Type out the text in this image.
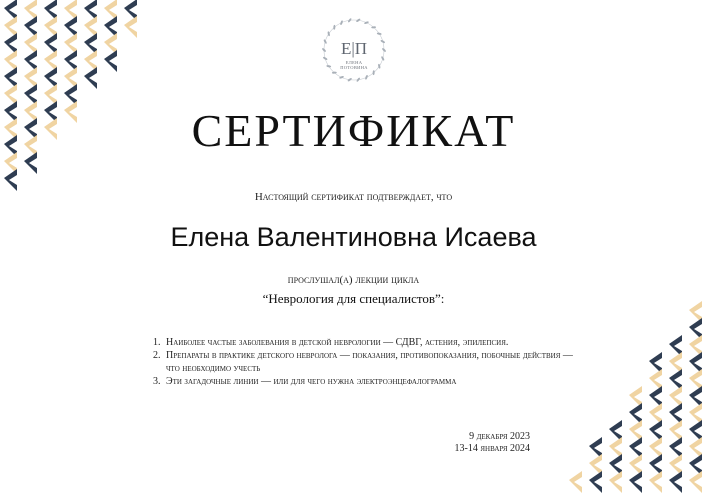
Е|П
ЕЛЕНА
ПОТОВИНА
СЕРТИФИКАТ
Настоящий сертификат подтверждает, что
Елена Валентиновна Исаева
прослушал(а) лекции цикла
“Неврология для специалистов”:
1. Наиболее частые заболевания в детской неврологии — СДВГ, астения, эпилепсия.
2. Препараты в практике детского невролога — показания, противопоказания, побочные действия — что необходимо учесть
3. Эти загадочные линии — или для чего нужна электроэнцефалограмма
9 декабря 2023
13-14 января 2024
